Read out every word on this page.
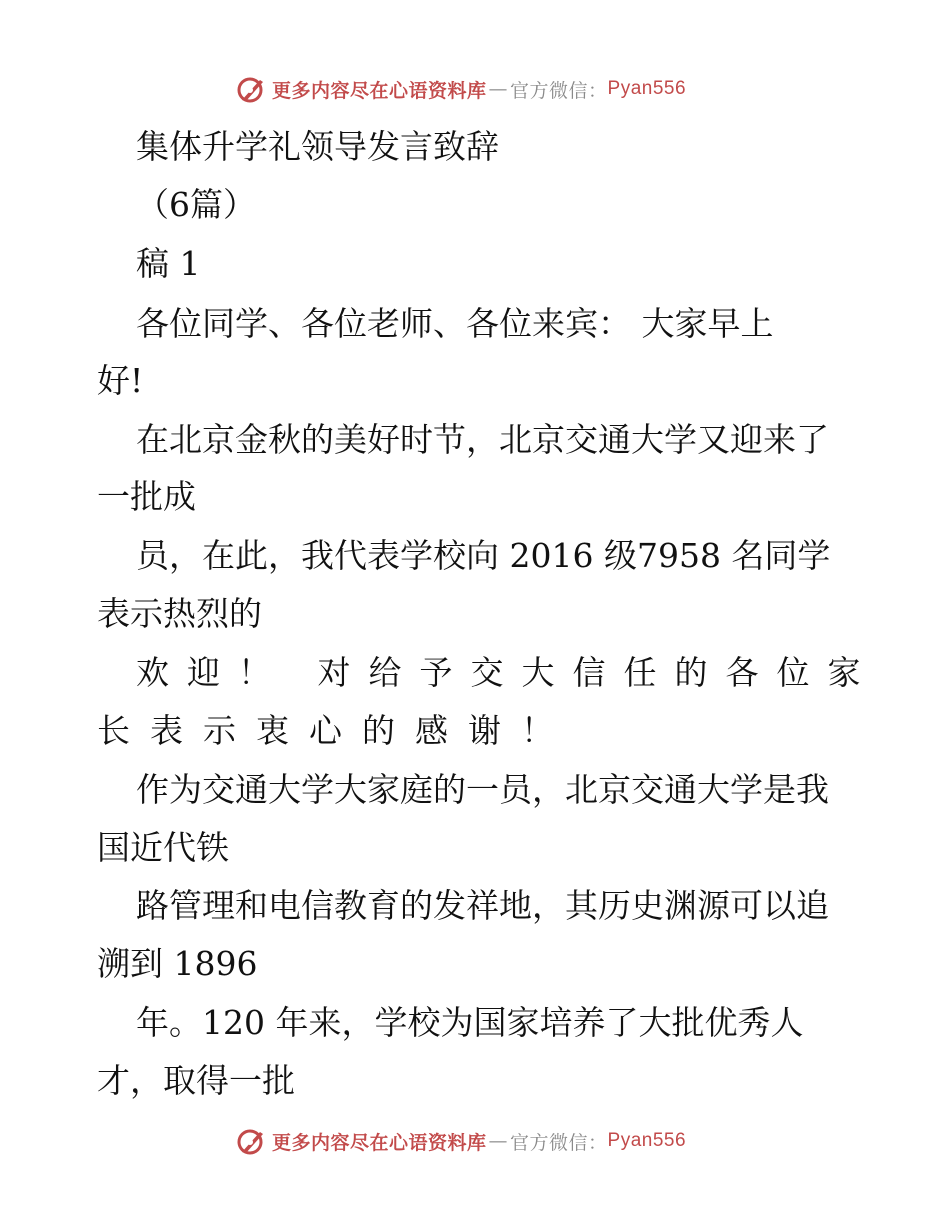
更多内容尽在心语资料库 — 官方微信： Pyan556
集体升学礼领导发言致辞
（6篇）
稿 1
各位同学、各位老师、各位来宾： 大家早上
好!
在北京金秋的美好时节，北京交通大学又迎来了
一批成
员，在此，我代表学校向 2016 级7958 名同学
表示热烈的
欢迎！ 对给予交大信任的各位家
长表示衷心的感谢！
作为交通大学大家庭的一员，北京交通大学是我
国近代铁
路管理和电信教育的发祥地，其历史渊源可以追
溯到 1896
年。120 年来，学校为国家培养了大批优秀人
才，取得一批
更多内容尽在心语资料库 — 官方微信： Pyan556
